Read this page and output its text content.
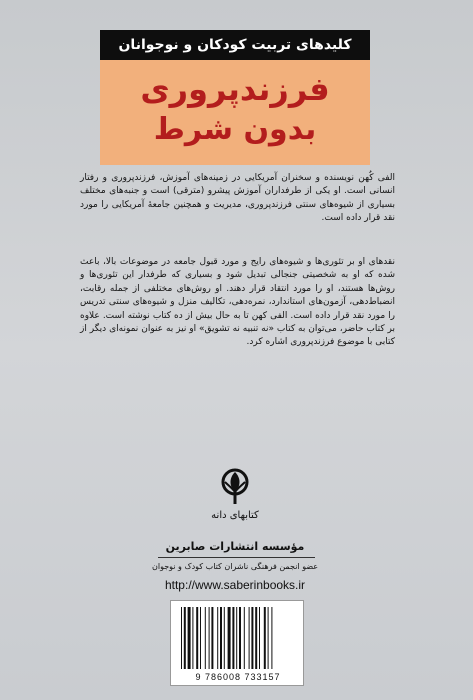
کلیدهای تربیت کودکان و نوجوانان
فرزندپروری
بدون شرط
الفی کُهن نویسنده و سخنران آمریکایی در زمینه‌های آموزش، فرزندپروری و رفتار انسانی است. او یکی از طرفداران آموزش پیشرو (مترقی) است و جنبه‌های مختلف بسیاری از شیوه‌های سنتی فرزندپروری، مدیریت و همچنین جامعهٔ آمریکایی را مورد نقد قرار داده است.
نقدهای او بر تئوری‌ها و شیوه‌های رایج و مورد قبول جامعه در موضوعات بالا، باعث شده که او به شخصیتی جنجالی تبدیل شود و بسیاری که طرفدار این تئوری‌ها و روش‌ها هستند، او را مورد انتقاد قرار دهند. او روش‌های مختلفی از جمله رقابت، انضباط‌دهی، آزمون‌های استاندارد، نمره‌دهی، تکالیف منزل و شیوه‌های سنتی تدریس را مورد نقد قرار داده است. الفی کهن تا به حال بیش از ده کتاب نوشته است. علاوه بر کتاب حاضر، می‌توان به کتاب «نه تنبیه نه تشویق» او نیز به عنوان نمونه‌ای دیگر از کتابی با موضوع فرزندپروری اشاره کرد.
کتابهای دانه
مؤسسه انتشارات صابرین
عضو انجمن فرهنگی ناشران کتاب کودک و نوجوان
http://www.saberinbooks.ir
9 786008 733157
